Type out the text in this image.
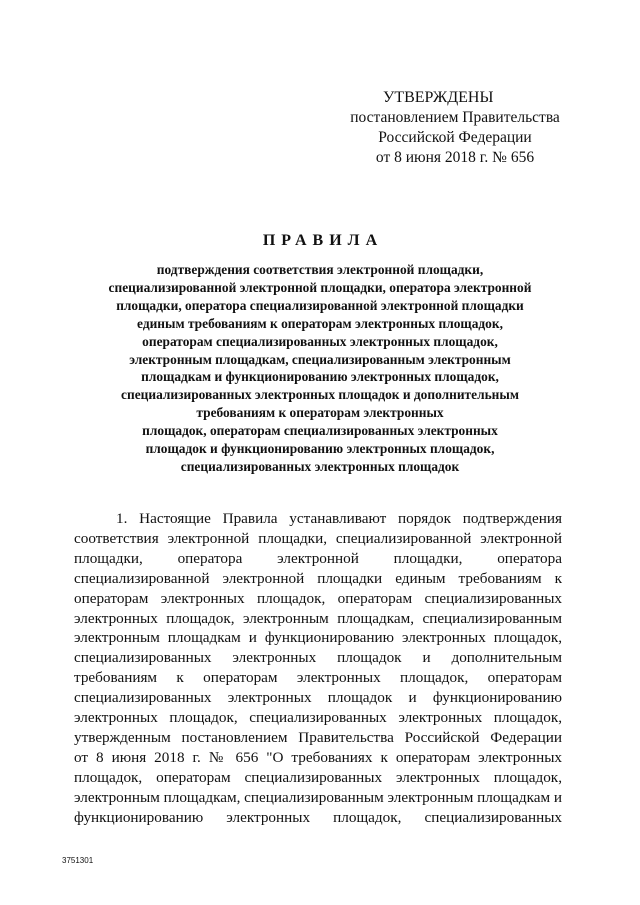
УТВЕРЖДЕНЫ
постановлением Правительства
Российской Федерации
от 8 июня 2018 г. № 656
ПРАВИЛА
подтверждения соответствия электронной площадки,
специализированной электронной площадки, оператора электронной
площадки, оператора специализированной электронной площадки
единым требованиям к операторам электронных площадок,
операторам специализированных электронных площадок,
электронным площадкам, специализированным электронным
площадкам и функционированию электронных площадок,
специализированных электронных площадок и дополнительным
требованиям к операторам электронных
площадок, операторам специализированных электронных
площадок и функционированию электронных площадок,
специализированных электронных площадок
1. Настоящие Правила устанавливают порядок подтверждения
соответствия электронной площадки, специализированной электронной
площадки, оператора электронной площадки, оператора
специализированной электронной площадки единым требованиям к
операторам электронных площадок, операторам специализированных
электронных площадок, электронным площадкам, специализированным
электронным площадкам и функционированию электронных площадок,
специализированных электронных площадок и дополнительным
требованиям к операторам электронных площадок, операторам
специализированных электронных площадок и функционированию
электронных площадок, специализированных электронных площадок,
утвержденным постановлением Правительства Российской Федерации
от 8 июня 2018 г. № 656 "О требованиях к операторам электронных
площадок, операторам специализированных электронных площадок,
электронным площадкам, специализированным электронным площадкам и
функционированию электронных площадок, специализированных
3751301
